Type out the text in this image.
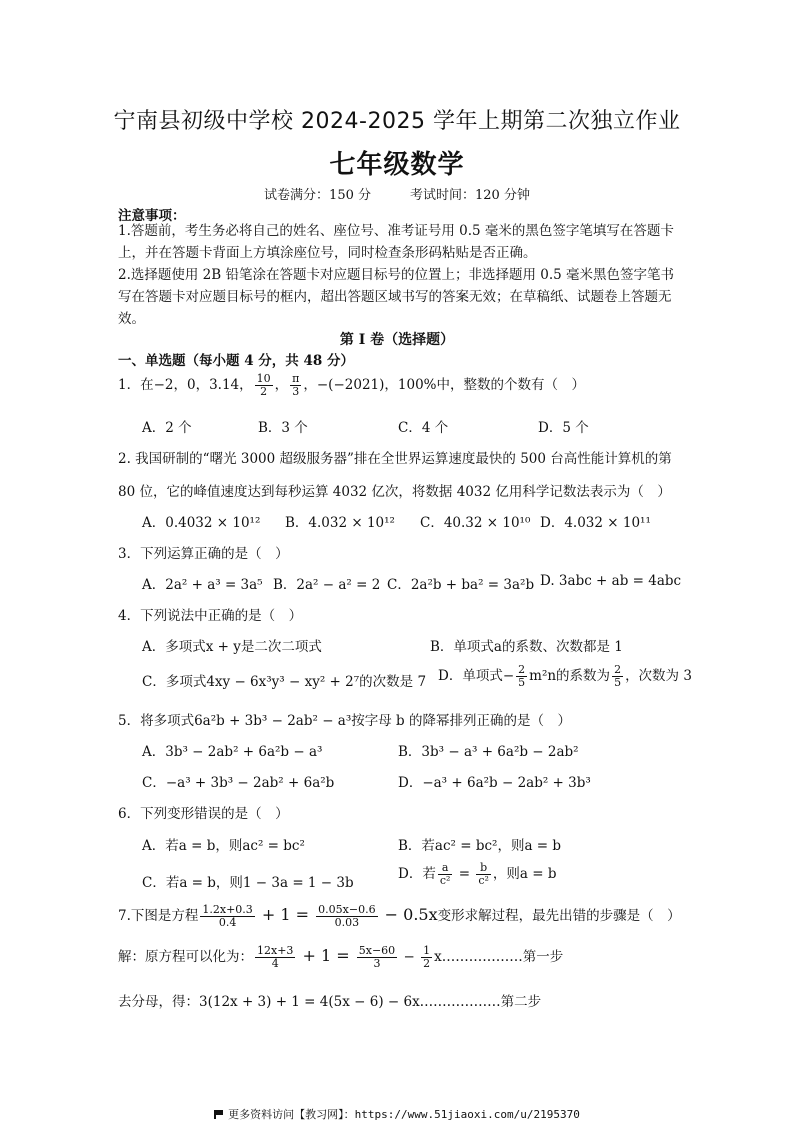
宁南县初级中学校 2024-2025 学年上期第二次独立作业
七年级数学
试卷满分：150 分　　　考试时间：120 分钟
注意事项：
1.答题前，考生务必将自己的姓名、座位号、准考证号用 0.5 毫米的黑色签字笔填写在答题卡上，并在答题卡背面上方填涂座位号，同时检查条形码粘贴是否正确。
2.选择题使用 2B 铅笔涂在答题卡对应题目标号的位置上；非选择题用 0.5 毫米黑色签字笔书写在答题卡对应题目标号的框内，超出答题区域书写的答案无效；在草稿纸、试题卷上答题无效。
第 I 卷（选择题）
一、单选题（每小题 4 分，共 48 分）
1．在−2，0，3.14， $\frac{10}{2}$ ， $\frac{\pi}{3}$ ，−(−2021)，100%中，整数的个数有（　）
A．2 个	B．3 个	C．4 个	D．5 个
2. 我国研制的“曙光 3000 超级服务器”排在全世界运算速度最快的 500 台高性能计算机的第
80 位，它的峰值速度达到每秒运算 4032 亿次，将数据 4032 亿用科学记数法表示为（　）
A．0.4032 × 10¹² B．4.032 × 10¹² C．40.32 × 10¹⁰ D．4.032 × 10¹¹
3．下列运算正确的是（　）
A．2a² + a³ = 3a⁵ B．2a² − a² = 2 C．2a²b + ba² = 3a²b D. 3abc + ab = 4abc
4．下列说法中正确的是（　）
A．多项式x + y是二次二项式	B．单项式a的系数、次数都是 1
C．多项式4xy − 6x³y³ − xy² + 2⁷的次数是 7 D．单项式− $\frac{2}{5} m^2n$的系数为 $\frac{2}{5}$ ，次数为 3
5．将多项式6a²b + 3b³ − 2ab² − a³按字母 b 的降幂排列正确的是（　）
A．3b³ − 2ab² + 6a²b − a³	B．3b³ − a³ + 6a²b − 2ab²
C．−a³ + 3b³ − 2ab² + 6a²b	D．−a³ + 6a²b − 2ab² + 3b³
6．下列变形错误的是（　）
A．若a = b，则ac² = bc²	B．若ac² = bc²，则a = b
C．若a = b，则1 − 3a = 1 − 3b
D．若 $\frac{a}{\text{c²}} = \frac{b}{\text{c²}}$ ，则a = b
7.下图是方程 $\frac{1.2x+0.3}{0.4} + 1 = \frac{0.05x-0.6}{0.03} - 0.5x$变形求解过程，最先出错的步骤是（　）
解：原方程可以化为： $\frac{12x+3}{4} + 1 = \frac{5x-60}{3} - \frac{1}{2}$ x………………第一步
去分母，得：3(12x + 3) + 1 = 4(5x − 6) − 6x………………第二步
更多资料访问【教习网】：https://www.51jiaoxi.com/u/2195370
